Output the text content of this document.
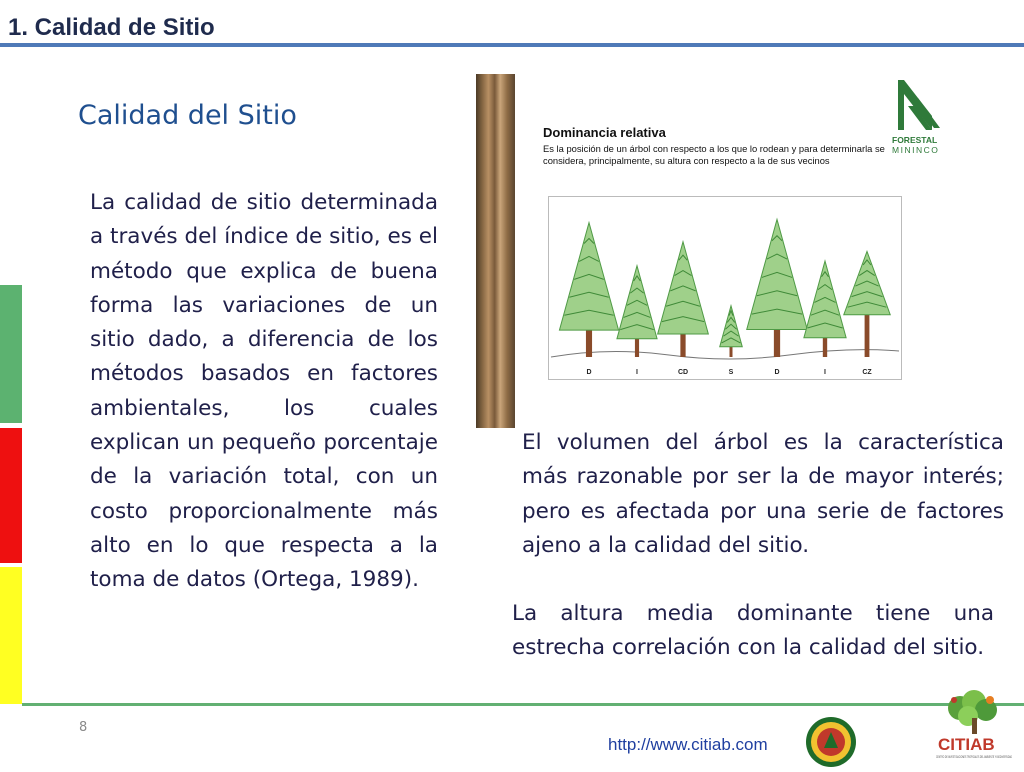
1. Calidad de Sitio
Calidad del Sitio
La calidad de sitio determinada a través del índice de sitio, es el método que explica de buena forma las variaciones de un sitio dado, a diferencia de los métodos basados en factores ambientales, los cuales explican un pequeño porcentaje de la variación total, con un costo proporcionalmente más alto en lo que respecta a la toma de datos (Ortega, 1989).
Dominancia relativa
Es la posición de un árbol con respecto a los que lo rodean y para determinarla se considera, principalmente, su altura con respecto a la de sus vecinos
D	I	CD	S	D	I	CZ
FORESTAL
MININCO
El volumen del árbol es la característica más razonable por ser la de mayor interés; pero es afectada por una serie de factores ajeno a la calidad del sitio.
La altura media dominante tiene una estrecha correlación con la calidad del sitio.
8
http://www.citiab.com	CITIAB
CENTRO DE INVESTIGACIONES TROPICALES DEL AMBIENTE Y BIODIVERSIDAD
